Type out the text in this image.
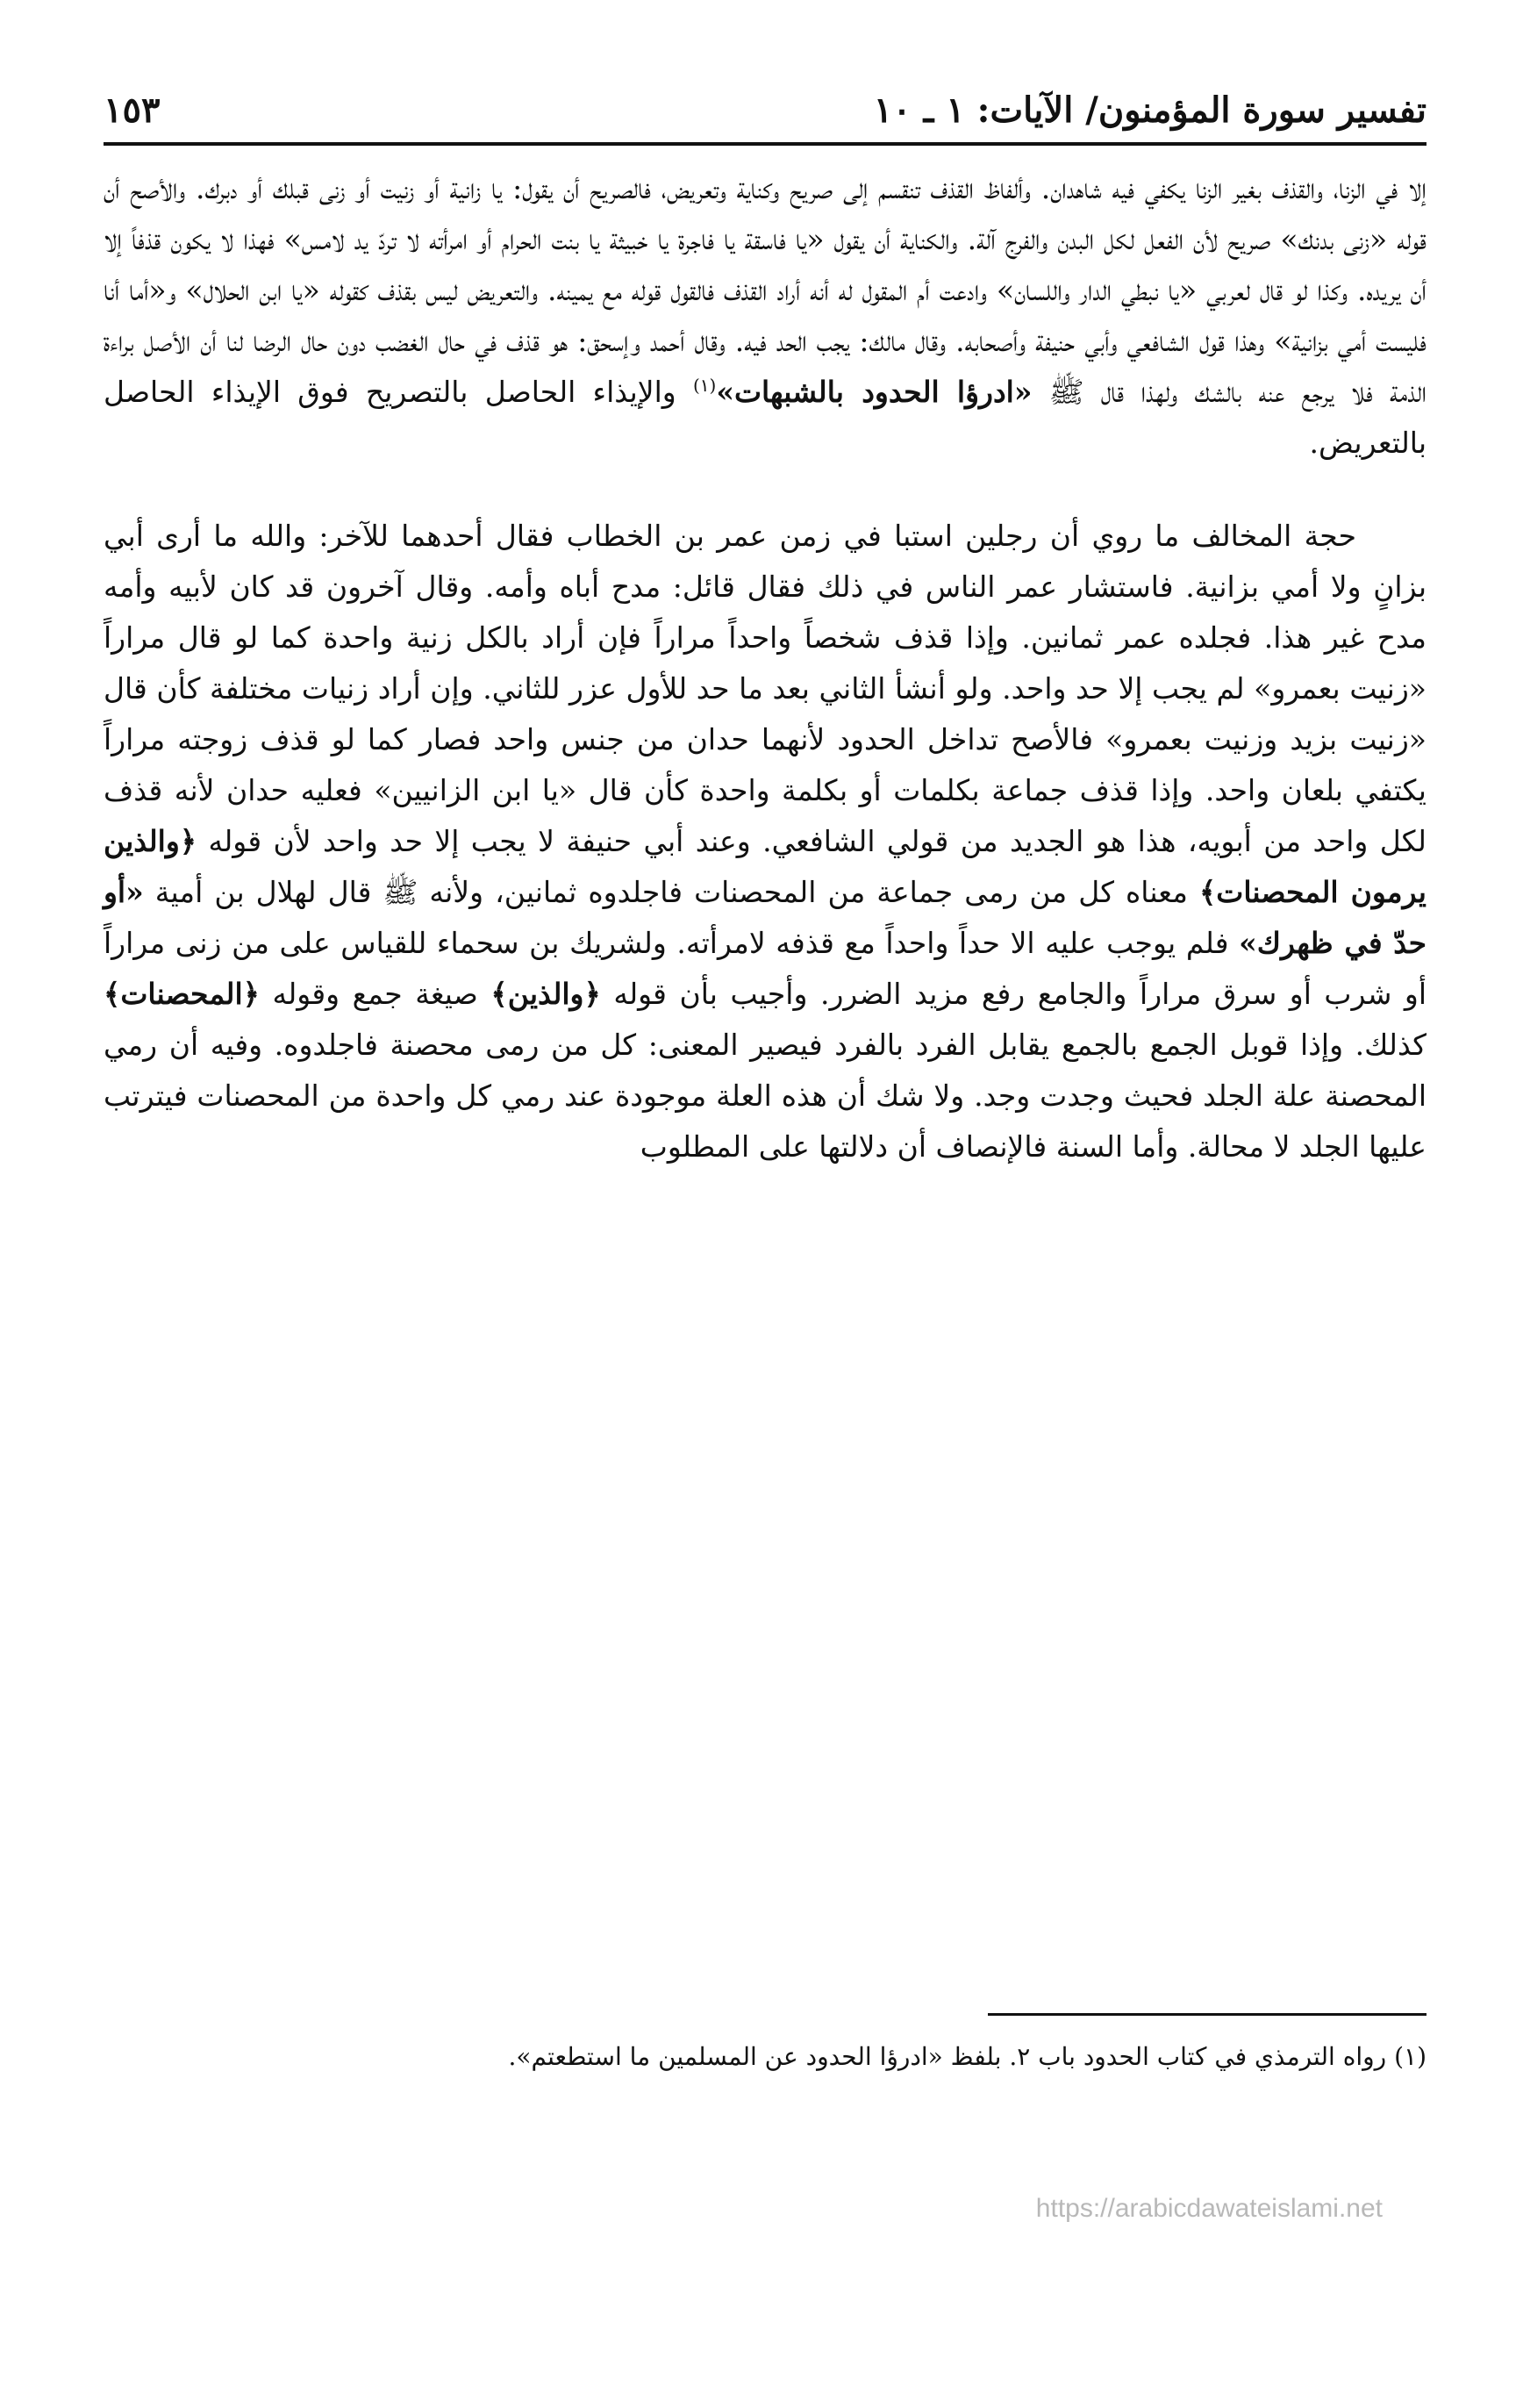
تفسير سورة المؤمنون/ الآيات: ١ ـ ١٠
١٥٣

إلا في الزنا، والقذف بغير الزنا يكفي فيه شاهدان. وألفاظ القذف تنقسم إلى صريح وكناية وتعريض، فالصريح أن يقول: يا زانية أو زنيت أو زنى قبلك أو دبرك. والأصح أن قوله «زنى بدنك» صريح لأن الفعل لكل البدن والفرج آلة. والكناية أن يقول «يا فاسقة يا فاجرة يا خبيثة يا بنت الحرام أو امرأته لا تردّ يد لامس» فهذا لا يكون قذفاً إلا أن يريده. وكذا لو قال لعربي «يا نبطي الدار واللسان» وادعت أم المقول له أنه أراد القذف فالقول قوله مع يمينه. والتعريض ليس بقذف كقوله «يا ابن الحلال» و«أما أنا فليست أمي بزانية» وهذا قول الشافعي وأبي حنيفة وأصحابه. وقال مالك: يجب الحد فيه. وقال أحمد وإسحق: هو قذف في حال الغضب دون حال الرضا لنا أن الأصل براءة الذمة فلا يرجع عنه بالشك ولهذا قال ﷺ «ادرؤا الحدود بالشبهات»$^{(١)}$ والإيذاء الحاصل بالتصريح فوق الإيذاء الحاصل بالتعريض.

حجة المخالف ما روي أن رجلين استبا في زمن عمر بن الخطاب فقال أحدهما للآخر: والله ما أرى أبي بزانٍ ولا أمي بزانية. فاستشار عمر الناس في ذلك فقال قائل: مدح أباه وأمه. وقال آخرون قد كان لأبيه وأمه مدح غير هذا. فجلده عمر ثمانين. وإذا قذف شخصاً واحداً مراراً فإن أراد بالكل زنية واحدة كما لو قال مراراً «زنيت بعمرو» لم يجب إلا حد واحد. ولو أنشأ الثاني بعد ما حد للأول عزر للثاني. وإن أراد زنيات مختلفة كأن قال «زنيت بزيد وزنيت بعمرو» فالأصح تداخل الحدود لأنهما حدان من جنس واحد فصار كما لو قذف زوجته مراراً يكتفي بلعان واحد. وإذا قذف جماعة بكلمات أو بكلمة واحدة كأن قال «يا ابن الزانيين» فعليه حدان لأنه قذف لكل واحد من أبويه، هذا هو الجديد من قولي الشافعي. وعند أبي حنيفة لا يجب إلا حد واحد لأن قوله ﴿والذين يرمون المحصنات﴾ معناه كل من رمى جماعة من المحصنات فاجلدوه ثمانين، ولأنه ﷺ قال لهلال بن أمية «أو حدّ في ظهرك» فلم يوجب عليه الا حداً واحداً مع قذفه لامرأته. ولشريك بن سحماء للقياس على من زنى مراراً أو شرب أو سرق مراراً والجامع رفع مزيد الضرر. وأجيب بأن قوله ﴿والذين﴾ صيغة جمع وقوله ﴿المحصنات﴾ كذلك. وإذا قوبل الجمع بالجمع يقابل الفرد بالفرد فيصير المعنى: كل من رمى محصنة فاجلدوه. وفيه أن رمي المحصنة علة الجلد فحيث وجدت وجد. ولا شك أن هذه العلة موجودة عند رمي كل واحدة من المحصنات فيترتب عليها الجلد لا محالة. وأما السنة فالإنصاف أن دلالتها على المطلوب

(١) رواه الترمذي في كتاب الحدود باب ٢. بلفظ «ادرؤا الحدود عن المسلمين ما استطعتم».
https://arabicdawateislami.net
